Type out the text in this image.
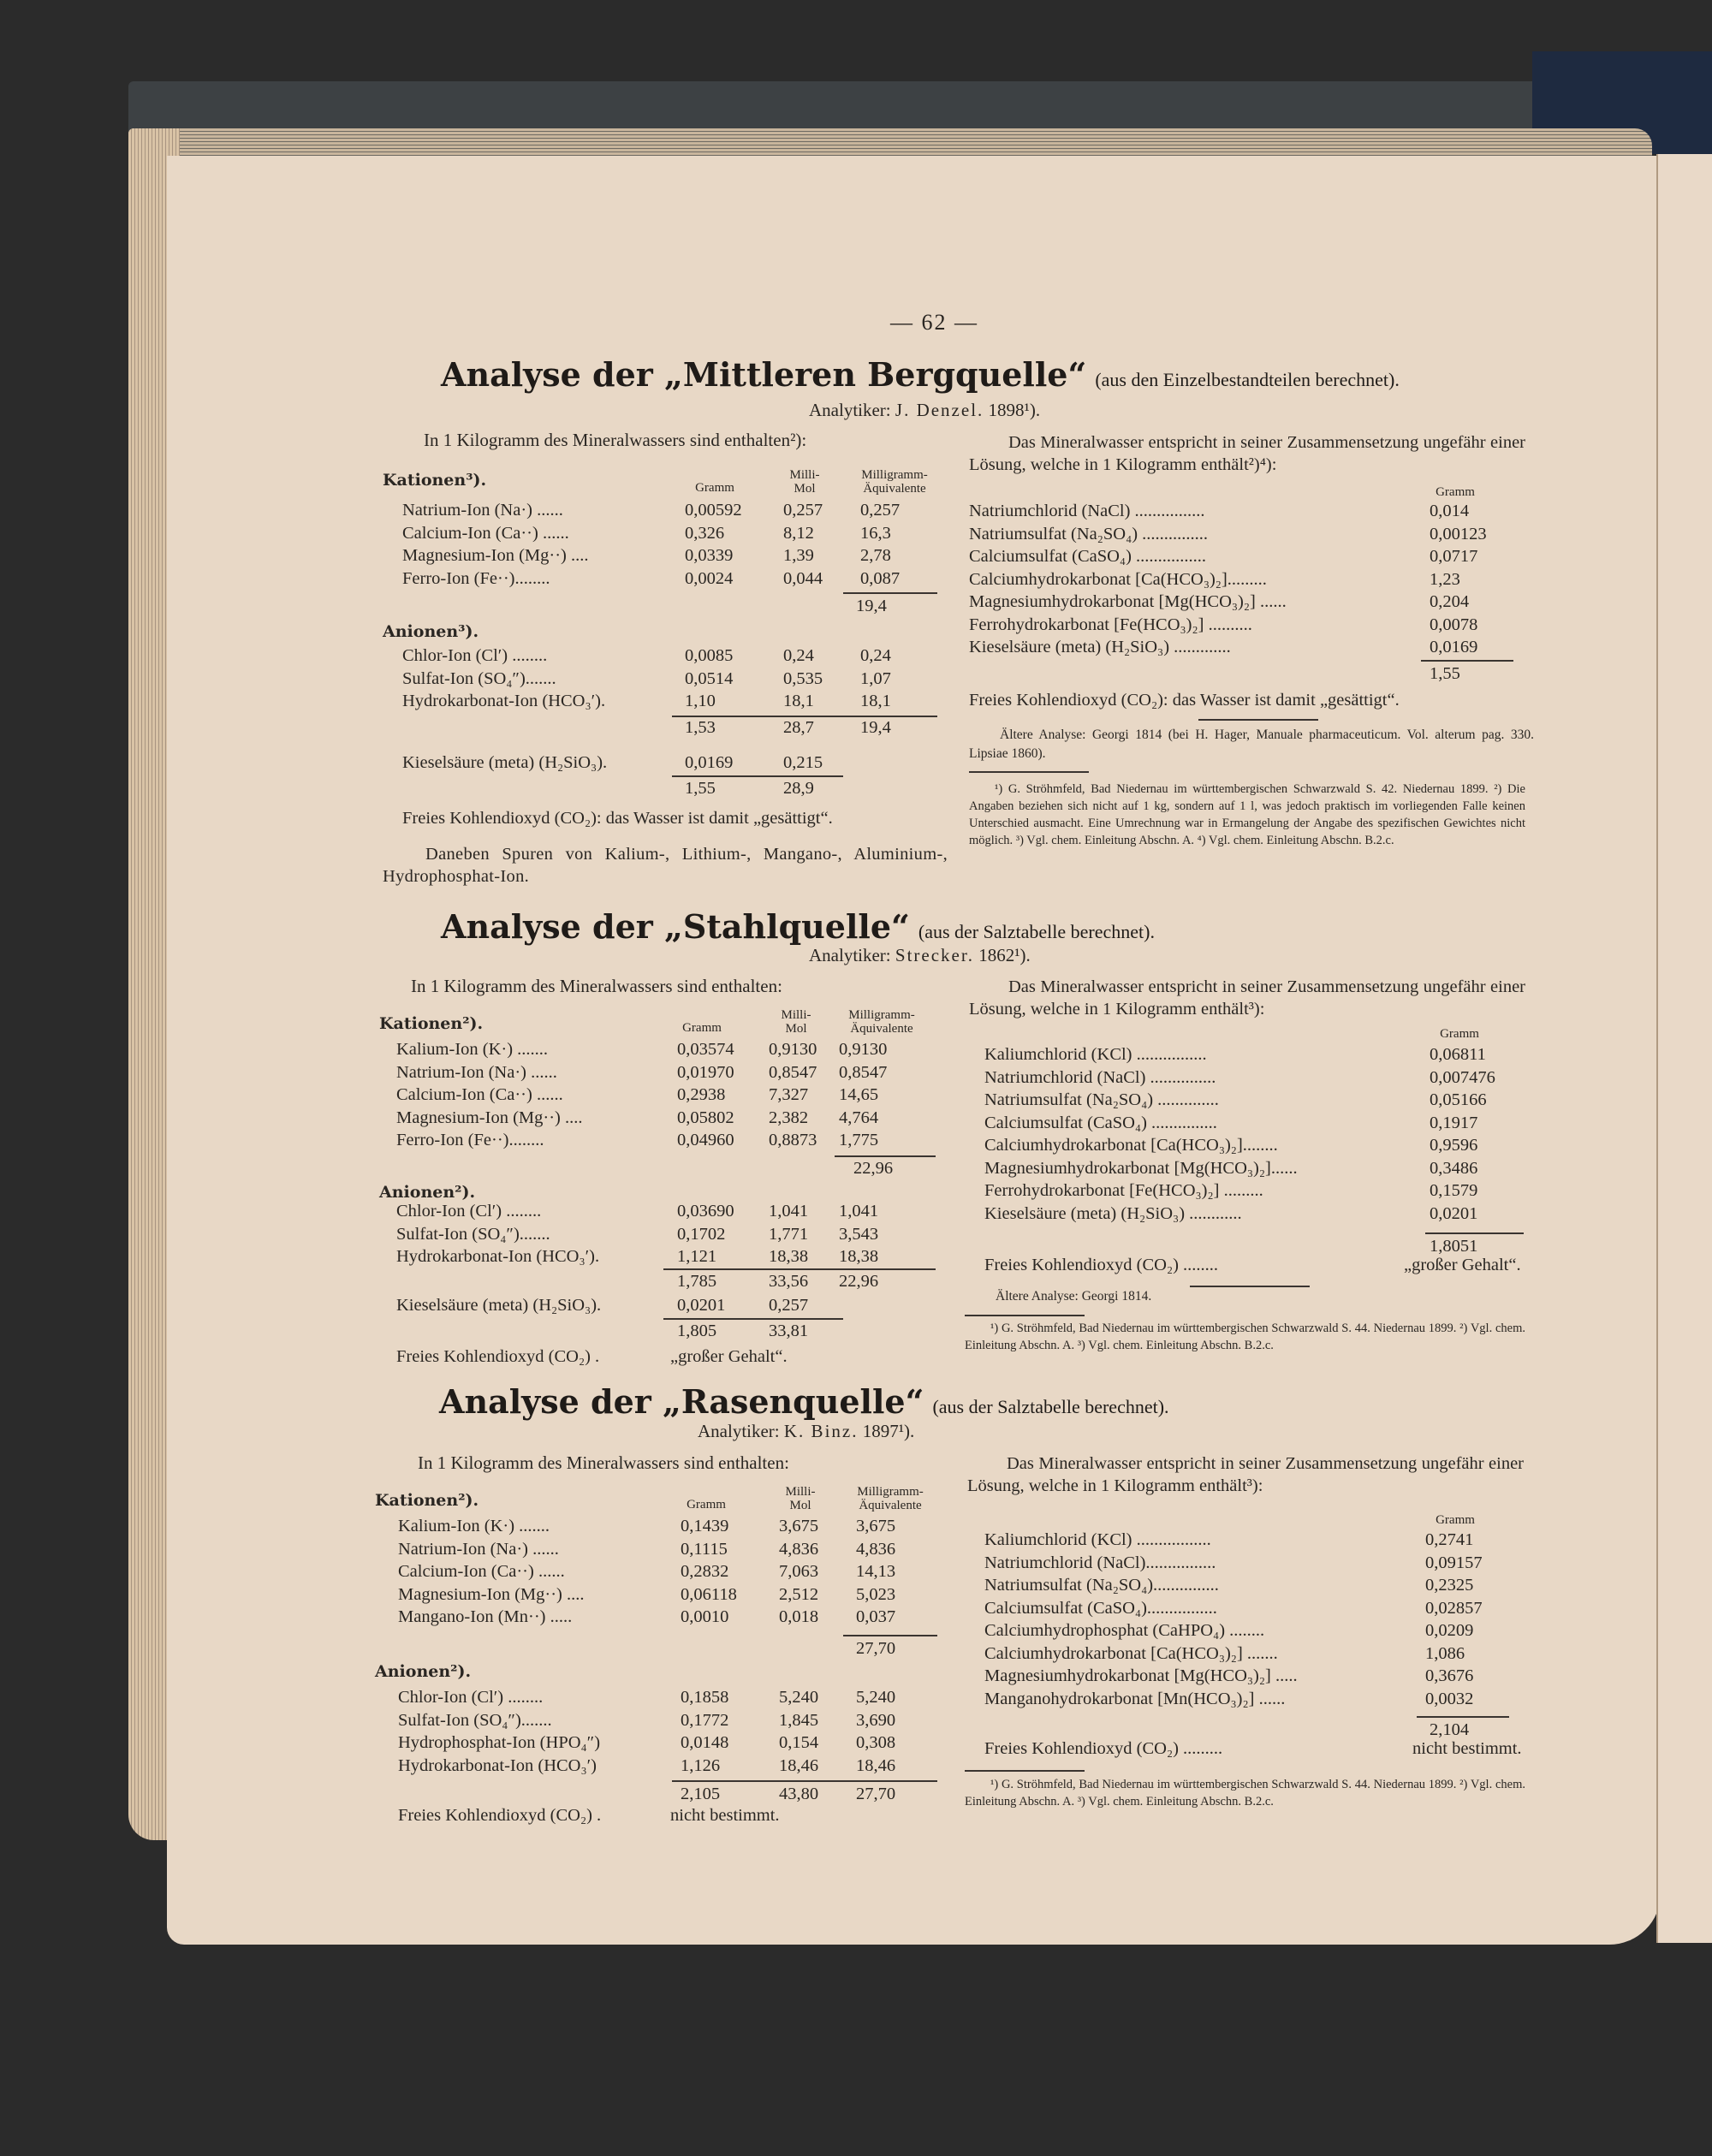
— 62 —
Analyse der „Mittleren Bergquelle“ (aus den Einzelbestandteilen berechnet).
Analytiker: J. Denzel. 1898¹).
In 1 Kilogramm des Mineralwassers sind enthalten²):
Gramm
Milli-
Mol
Milligramm-
Äquivalente
Kationen³).
Natrium-Ion (Na·) ......	0,00592 0,257 0,257
Calcium-Ion (Ca··) ......	0,326	8,12	16,3
Magnesium-Ion (Mg··) ....	0,0339	1,39	2,78
Ferro-Ion (Fe··)........	0,0024	0,044 0,087
19,4
Anionen³).
Chlor-Ion (Cl′) ........	0,0085	0,24	0,24
Sulfat-Ion (SO₄″).......	0,0514	0,535 1,07
Hydrokarbonat-Ion (HCO₃′).	1,10	18,1	18,1
1,53	28,7	19,4
Kieselsäure (meta) (H₂SiO₃).	0,0169	0,215
1,55	28,9
Freies Kohlendioxyd (CO₂): das Wasser ist damit „gesättigt“.
Daneben Spuren von Kalium-, Lithium-, Mangano-, Aluminium-, Hydrophosphat-Ion.
Das Mineralwasser entspricht in seiner Zusammensetzung ungefähr einer Lösung, welche in 1 Kilogramm enthält²)⁴):
Gramm
Natriumchlorid (NaCl) ................	0,014
Natriumsulfat (Na₂SO₄) ...............	0,00123
Calciumsulfat (CaSO₄) ................	0,0717
Calciumhydrokarbonat [Ca(HCO₃)₂].........	1,23
Magnesiumhydrokarbonat [Mg(HCO₃)₂] ......	0,204
Ferrohydrokarbonat [Fe(HCO₃)₂] ..........	0,0078
Kieselsäure (meta) (H₂SiO₃) .............	0,0169
1,55
Freies Kohlendioxyd (CO₂): das Wasser ist damit „gesättigt“.
Ältere Analyse: Georgi 1814 (bei H. Hager, Manuale pharmaceuticum. Vol. alterum pag. 330. Lipsiae 1860).
¹) G. Ströhmfeld, Bad Niedernau im württembergischen Schwarzwald S. 42. Niedernau 1899. ²) Die Angaben beziehen sich nicht auf 1 kg, sondern auf 1 l, was jedoch praktisch im vorliegenden Falle keinen Unterschied ausmacht. Eine Umrechnung war in Ermangelung der Angabe des spezifischen Gewichtes nicht möglich. ³) Vgl. chem. Einleitung Abschn. A. ⁴) Vgl. chem. Einleitung Abschn. B.2.c.
Analyse der „Stahlquelle“ (aus der Salztabelle berechnet).
Analytiker: Strecker. 1862¹).
In 1 Kilogramm des Mineralwassers sind enthalten:
Gramm
Milli-
Mol
Milligramm-
Äquivalente
Kationen²).
Kalium-Ion (K·) .......	0,03574 0,9130 0,9130
Natrium-Ion (Na·) ......	0,01970 0,8547 0,8547
Calcium-Ion (Ca··) ......	0,2938 7,327 14,65
Magnesium-Ion (Mg··) ....	0,05802 2,382 4,764
Ferro-Ion (Fe··)........	0,04960 0,8873 1,775
22,96
Anionen²).
Chlor-Ion (Cl′) ........	0,03690 1,041 1,041
Sulfat-Ion (SO₄″).......	0,1702 1,771 3,543
Hydrokarbonat-Ion (HCO₃′).	1,121	18,38 18,38
1,785	33,56 22,96
Kieselsäure (meta) (H₂SiO₃).	0,0201 0,257
1,805	33,81
Freies Kohlendioxyd (CO₂) .	„großer Gehalt“.
Das Mineralwasser entspricht in seiner Zusammensetzung ungefähr einer Lösung, welche in 1 Kilogramm enthält³):
Gramm
Kaliumchlorid (KCl) ................	0,06811
Natriumchlorid (NaCl) ...............	0,007476
Natriumsulfat (Na₂SO₄) ..............	0,05166
Calciumsulfat (CaSO₄) ...............	0,1917
Calciumhydrokarbonat [Ca(HCO₃)₂]........	0,9596
Magnesiumhydrokarbonat [Mg(HCO₃)₂]......	0,3486
Ferrohydrokarbonat [Fe(HCO₃)₂] .........	0,1579
Kieselsäure (meta) (H₂SiO₃) ............	0,0201
1,8051
Freies Kohlendioxyd (CO₂) ........	„großer Gehalt“.
Ältere Analyse: Georgi 1814.
¹) G. Ströhmfeld, Bad Niedernau im württembergischen Schwarzwald S. 44. Niedernau 1899. ²) Vgl. chem. Einleitung Abschn. A. ³) Vgl. chem. Einleitung Abschn. B.2.c.
Analyse der „Rasenquelle“ (aus der Salztabelle berechnet).
Analytiker: K. Binz. 1897¹).
In 1 Kilogramm des Mineralwassers sind enthalten:
Gramm
Milli-
Mol
Milligramm-
Äquivalente
Kationen²).
Kalium-Ion (K·) .......	0,1439	3,675 3,675
Natrium-Ion (Na·) ......	0,1115	4,836 4,836
Calcium-Ion (Ca··) ......	0,2832	7,063 14,13
Magnesium-Ion (Mg··) ....	0,06118 2,512 5,023
Mangano-Ion (Mn··) .....	0,0010	0,018 0,037
27,70
Anionen²).
Chlor-Ion (Cl′) ........	0,1858	5,240 5,240
Sulfat-Ion (SO₄″).......	0,1772	1,845 3,690
Hydrophosphat-Ion (HPO₄″)	0,0148	0,154 0,308
Hydrokarbonat-Ion (HCO₃′)	1,126	18,46 18,46
2,105	43,80 27,70
Freies Kohlendioxyd (CO₂) .	nicht bestimmt.
Das Mineralwasser entspricht in seiner Zusammensetzung ungefähr einer Lösung, welche in 1 Kilogramm enthält³):
Gramm
Kaliumchlorid (KCl) .................	0,2741
Natriumchlorid (NaCl)................	0,09157
Natriumsulfat (Na₂SO₄)...............	0,2325
Calciumsulfat (CaSO₄)................	0,02857
Calciumhydrophosphat (CaHPO₄) ........	0,0209
Calciumhydrokarbonat [Ca(HCO₃)₂] .......	1,086
Magnesiumhydrokarbonat [Mg(HCO₃)₂] .....	0,3676
Manganohydrokarbonat [Mn(HCO₃)₂] ......	0,0032
2,104
Freies Kohlendioxyd (CO₂) .........	nicht bestimmt.
¹) G. Ströhmfeld, Bad Niedernau im württembergischen Schwarzwald S. 44. Niedernau 1899. ²) Vgl. chem. Einleitung Abschn. A. ³) Vgl. chem. Einleitung Abschn. B.2.c.
